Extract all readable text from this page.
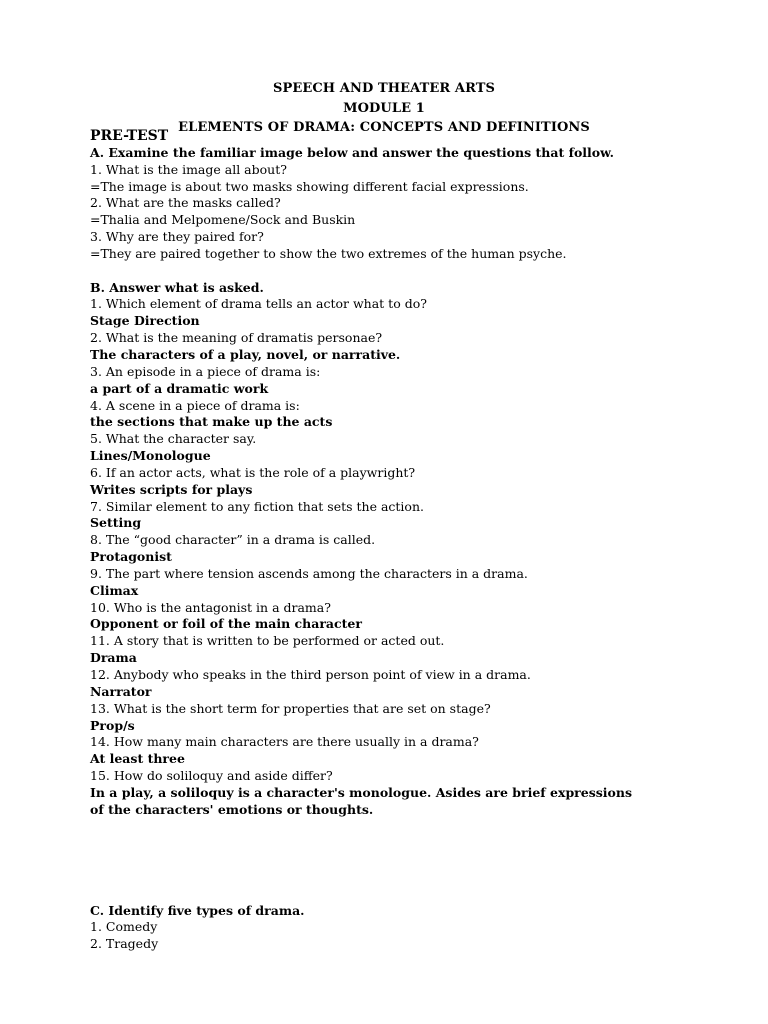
SPEECH AND THEATER ARTS
MODULE 1
ELEMENTS OF DRAMA: CONCEPTS AND DEFINITIONS
PRE-TEST
A. Examine the familiar image below and answer the questions that follow.
1. What is the image all about?
=The image is about two masks showing different facial expressions.
2. What are the masks called?
=Thalia and Melpomene/Sock and Buskin
3. Why are they paired for?
=They are paired together to show the two extremes of the human psyche.
B. Answer what is asked.
1. Which element of drama tells an actor what to do?
Stage Direction
2. What is the meaning of dramatis personae?
The characters of a play, novel, or narrative.
3. An episode in a piece of drama is:
a part of a dramatic work
4. A scene in a piece of drama is:
the sections that make up the acts
5. What the character say.
Lines/Monologue
6. If an actor acts, what is the role of a playwright?
Writes scripts for plays
7. Similar element to any fiction that sets the action.
Setting
8. The “good character” in a drama is called.
Protagonist
9. The part where tension ascends among the characters in a drama.
Climax
10. Who is the antagonist in a drama?
Opponent or foil of the main character
11. A story that is written to be performed or acted out.
Drama
12. Anybody who speaks in the third person point of view in a drama.
Narrator
13. What is the short term for properties that are set on stage?
Prop/s
14. How many main characters are there usually in a drama?
At least three
15. How do soliloquy and aside differ?
In a play, a soliloquy is a character's monologue. Asides are brief expressions of the characters' emotions or thoughts.
C. Identify five types of drama.
1. Comedy
2. Tragedy
